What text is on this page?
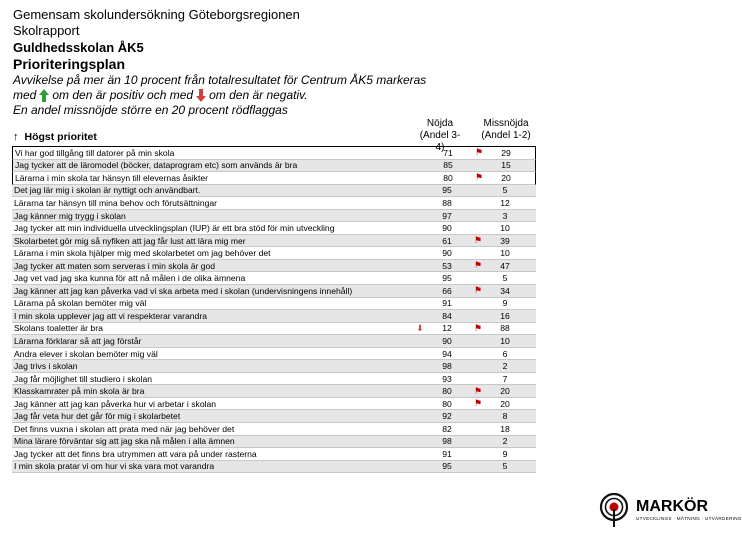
Gemensam skolundersökning Göteborgsregionen
Skolrapport
Guldhedsskolan ÅK5
Prioriteringsplan
Avvikelse på mer än 10 procent från totalresultatet för Centrum ÅK5 markeras
med om den är positiv och med om den är negativ.
En andel missnöjde större en 20 procent rödflaggas
Nöjda
(Andel 3-4)
Missnöjda
(Andel 1-2)
↑ Högst prioritet
Vi har god tillgång till datorer på min skola	71	⚑	29
Jag tycker att de läromodel (böcker, dataprogram etc) som används är bra	85	15
Lärarna i min skola tar hänsyn till elevernas åsikter	80	⚑	20
Det jag lär mig i skolan är nyttigt och användbart.	95	5
Lärarna tar hänsyn till mina behov och förutsättningar	88	12
Jag känner mig trygg i skolan	97	3
Jag tycker att min individuella utvecklingsplan (IUP) är ett bra stöd för min utveckling	90	10
Skolarbetet gör mig så nyfiken att jag får lust att lära mig mer	61	⚑	39
Lärarna i min skola hjälper mig med skolarbetet om jag behöver det	90	10
Jag tycker att maten som serveras i min skola är god	53	⚑	47
Jag vet vad jag ska kunna för att nå målen i de olika ämnena	95	5
Jag känner att jag kan påverka vad vi ska arbeta med i skolan (undervisningens innehåll)	66	⚑	34
Lärarna på skolan bemöter mig väl	91	9
I min skola upplever jag att vi respekterar varandra	84	16
Skolans toaletter är bra	⬇	12	⚑	88
Lärarna förklarar så att jag förstår	90	10
Andra elever i skolan bemöter mig väl	94	6
Jag trivs i skolan	98	2
Jag får möjlighet till studiero i skolan	93	7
Klasskamrater på min skola är bra	80	⚑	20
Jag känner att jag kan påverka hur vi arbetar i skolan	80	⚑	20
Jag får veta hur det går för mig i skolarbetet	92	8
Det finns vuxna i skolan att prata med när jag behöver det	82	18
Mina lärare förväntar sig att jag ska nå målen i alla ämnen	98	2
Jag tycker att det finns bra utrymmen att vara på under rasterna	91	9
I min skola pratar vi om hur vi ska vara mot varandra	95	5
MARKÖR
UTVECKLINGS · MÄTNING · UTVÄRDERING
